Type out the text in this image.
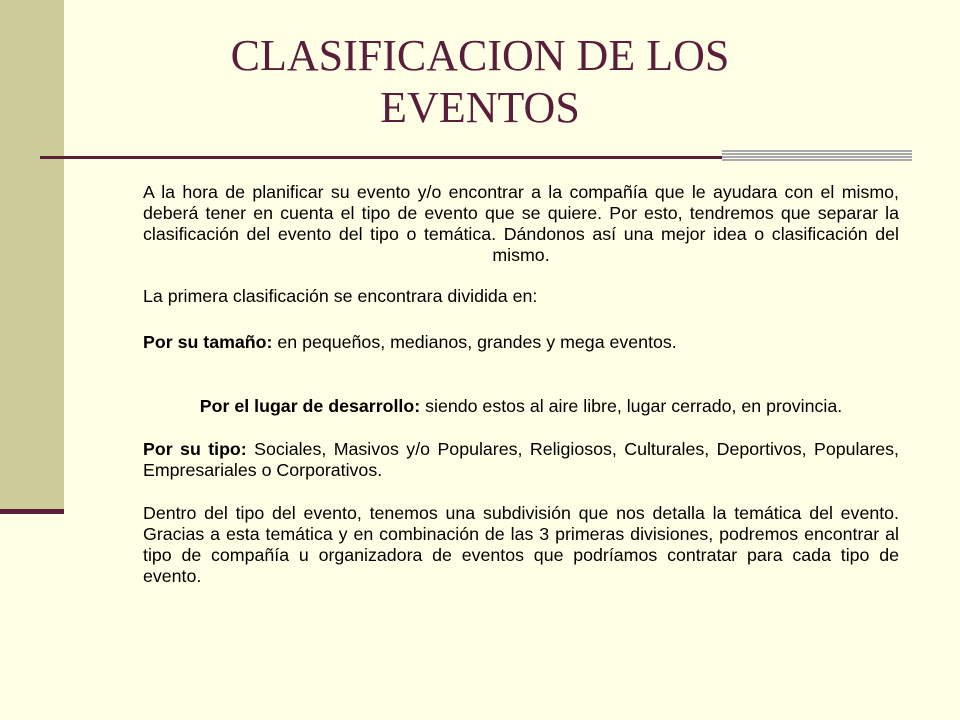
CLASIFICACION DE LOS EVENTOS

A la hora de planificar su evento y/o encontrar a la compañía que le ayudara con el mismo, deberá tener en cuenta el tipo de evento que se quiere. Por esto, tendremos que separar la clasificación del evento del tipo o temática. Dándonos así una mejor idea o clasificación del mismo.

La primera clasificación se encontrara dividida en:

Por su tamaño: en pequeños, medianos, grandes y mega eventos.

Por el lugar de desarrollo: siendo estos al aire libre, lugar cerrado, en provincia.

Por su tipo: Sociales, Masivos y/o Populares, Religiosos, Culturales, Deportivos, Populares, Empresariales o Corporativos.

Dentro del tipo del evento, tenemos una subdivisión que nos detalla la temática del evento. Gracias a esta temática y en combinación de las 3 primeras divisiones, podremos encontrar al tipo de compañía u organizadora de eventos que podríamos contratar para cada tipo de evento.
